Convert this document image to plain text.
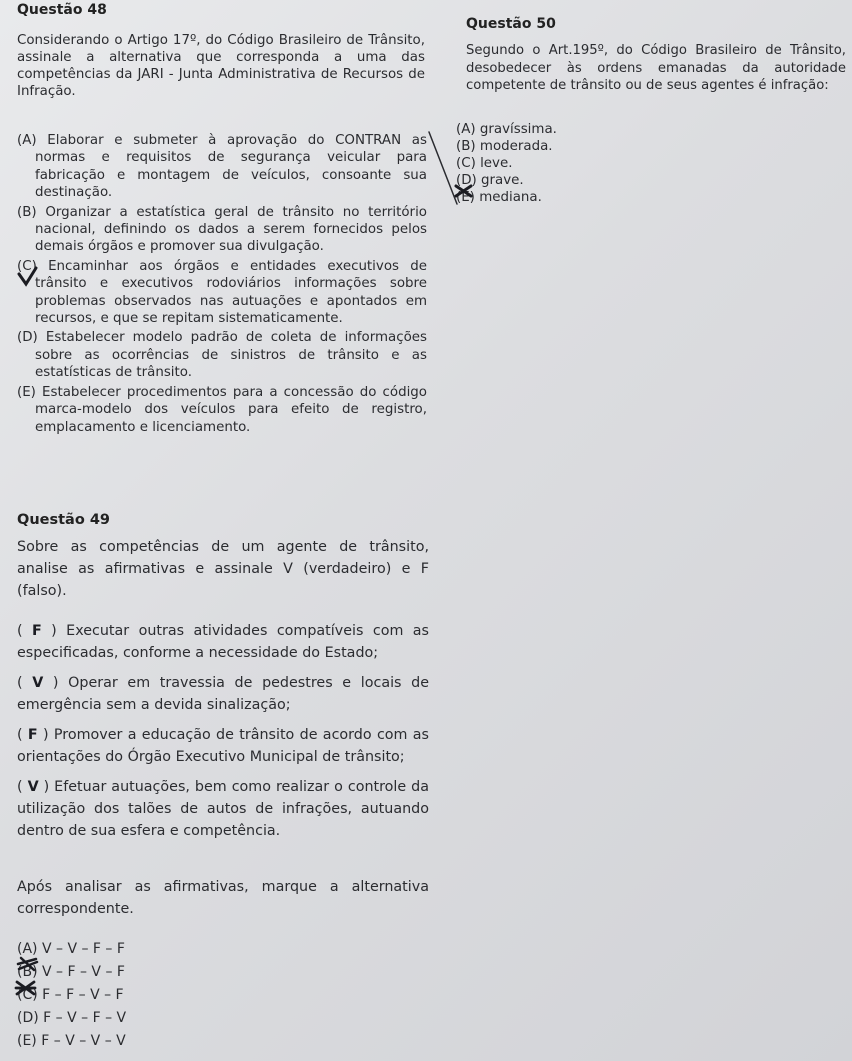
Questão 48

Considerando o Artigo 17º, do Código Brasileiro de Trânsito, assinale a alternativa que corresponda a uma das competências da JARI - Junta Administrativa de Recursos de Infração.

(A) Elaborar e submeter à aprovação do CONTRAN as normas e requisitos de segurança veicular para fabricação e montagem de veículos, consoante sua destinação.

(B) Organizar a estatística geral de trânsito no território nacional, definindo os dados a serem fornecidos pelos demais órgãos e promover sua divulgação.

(C) Encaminhar aos órgãos e entidades executivos de trânsito e executivos rodoviários informações sobre problemas observados nas autuações e apontados em recursos, e que se repitam sistematicamente.

(D) Estabelecer modelo padrão de coleta de informações sobre as ocorrências de sinistros de trânsito e as estatísticas de trânsito.

(E) Estabelecer procedimentos para a concessão do código marca-modelo dos veículos para efeito de registro, emplacamento e licenciamento.

Questão 49

Sobre as competências de um agente de trânsito, analise as afirmativas e assinale V (verdadeiro) e F (falso).

( F ) Executar outras atividades compatíveis com as especificadas, conforme a necessidade do Estado;

( V ) Operar em travessia de pedestres e locais de emergência sem a devida sinalização;

( F ) Promover a educação de trânsito de acordo com as orientações do Órgão Executivo Municipal de trânsito;

( V ) Efetuar autuações, bem como realizar o controle da utilização dos talões de autos de infrações, autuando dentro de sua esfera e competência.

Após analisar as afirmativas, marque a alternativa correspondente.

(A) V – V – F – F

(B) V – F – V – F

(C) F – F – V – F

(D) F – V – F – V

(E) F – V – V – V

Questão 50

Segundo o Art.195º, do Código Brasileiro de Trânsito, desobedecer às ordens emanadas da autoridade competente de trânsito ou de seus agentes é infração:

(A) gravíssima.

(B) moderada.

(C) leve.

(D) grave.

(E) mediana.
